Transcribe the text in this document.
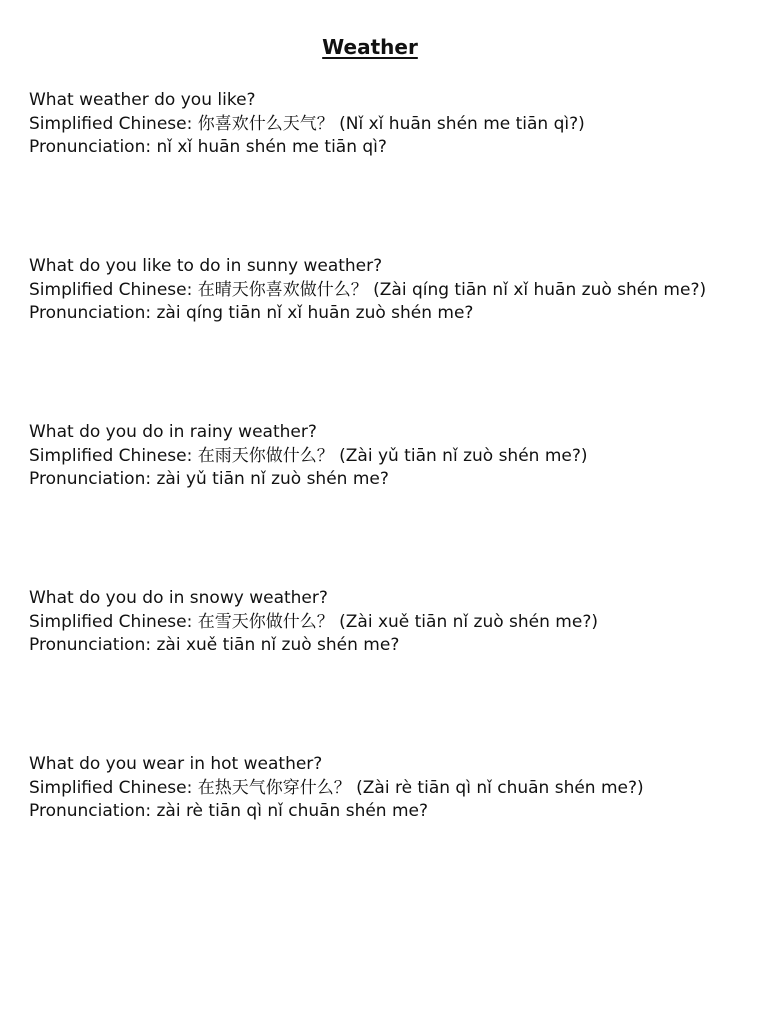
Weather
What weather do you like?
Simplified Chinese: 你喜欢什么天气？ (Nǐ xǐ huān shén me tiān qì?)
Pronunciation: nǐ xǐ huān shén me tiān qì?
What do you like to do in sunny weather?
Simplified Chinese: 在晴天你喜欢做什么？ (Zài qíng tiān nǐ xǐ huān zuò shén me?)
Pronunciation: zài qíng tiān nǐ xǐ huān zuò shén me?
What do you do in rainy weather?
Simplified Chinese: 在雨天你做什么？ (Zài yǔ tiān nǐ zuò shén me?)
Pronunciation: zài yǔ tiān nǐ zuò shén me?
What do you do in snowy weather?
Simplified Chinese: 在雪天你做什么？ (Zài xuě tiān nǐ zuò shén me?)
Pronunciation: zài xuě tiān nǐ zuò shén me?
What do you wear in hot weather?
Simplified Chinese: 在热天气你穿什么？ (Zài rè tiān qì nǐ chuān shén me?)
Pronunciation: zài rè tiān qì nǐ chuān shén me?
